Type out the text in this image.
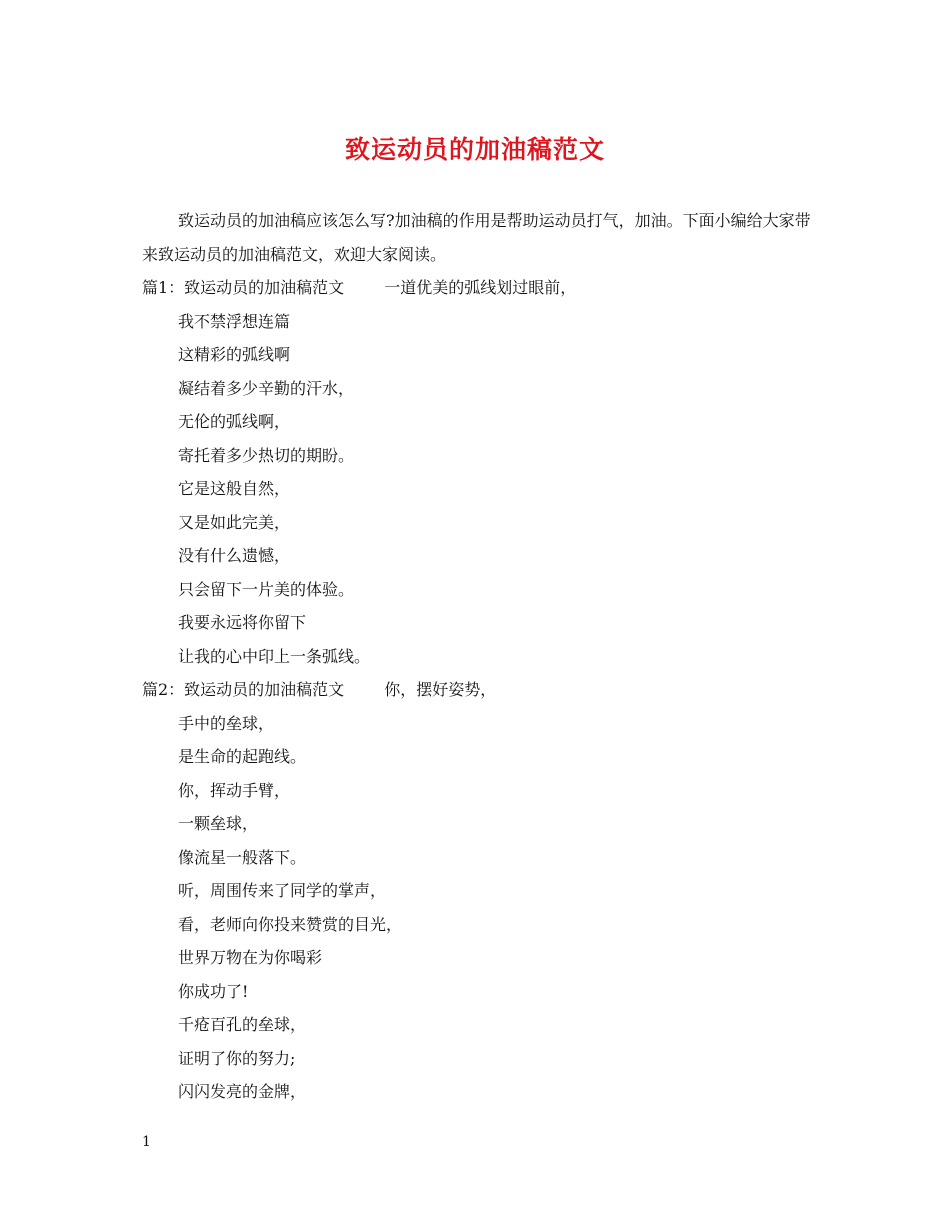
致运动员的加油稿范文

致运动员的加油稿应该怎么写?加油稿的作用是帮助运动员打气，加油。下面小编给大家带来致运动员的加油稿范文，欢迎大家阅读。

篇1：致运动员的加油稿范文	一道优美的弧线划过眼前，

我不禁浮想连篇

这精彩的弧线啊

凝结着多少辛勤的汗水，

无伦的弧线啊，

寄托着多少热切的期盼。

它是这般自然，

又是如此完美，

没有什么遗憾，

只会留下一片美的体验。

我要永远将你留下

让我的心中印上一条弧线。

篇2：致运动员的加油稿范文	你，摆好姿势，

手中的垒球，

是生命的起跑线。

你，挥动手臂，

一颗垒球，

像流星一般落下。

听，周围传来了同学的掌声，

看，老师向你投来赞赏的目光，

世界万物在为你喝彩

你成功了!

千疮百孔的垒球，

证明了你的努力;

闪闪发亮的金牌，

1
